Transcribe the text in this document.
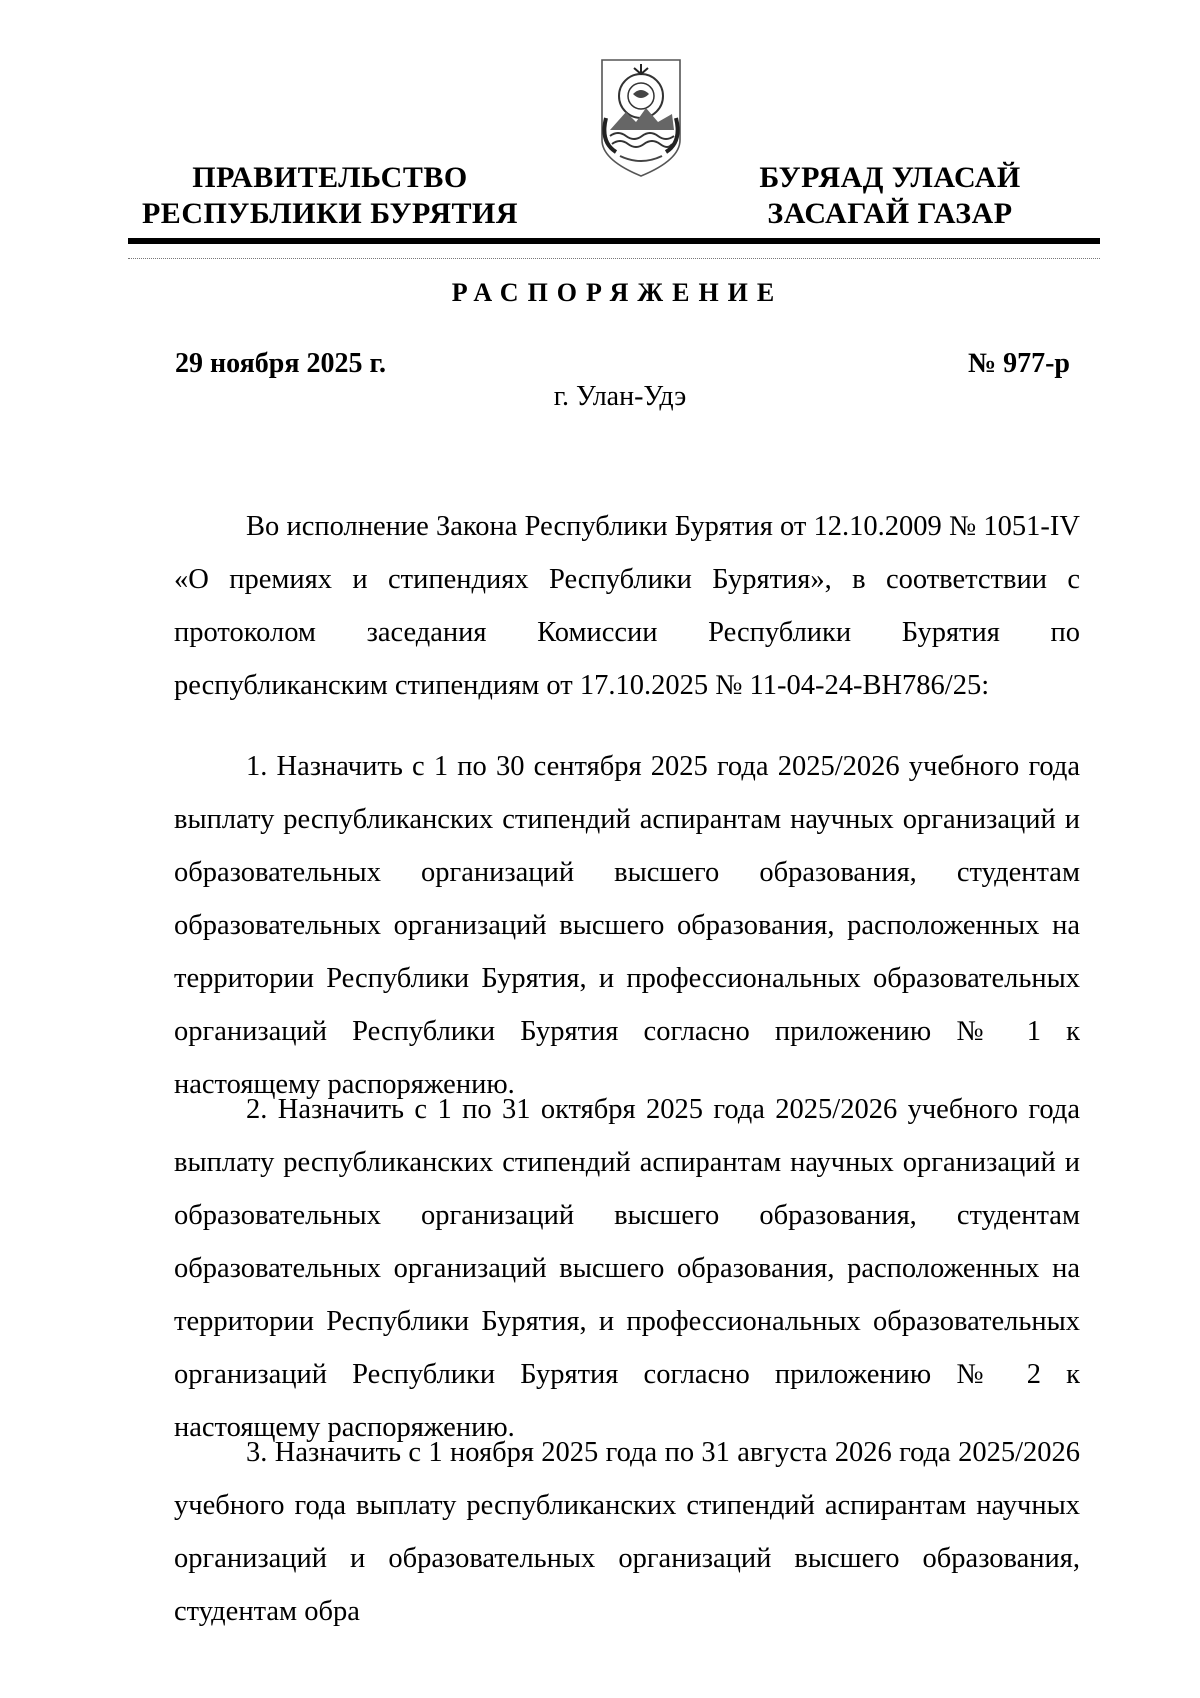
ПРАВИТЕЛЬСТВО
РЕСПУБЛИКИ БУРЯТИЯ
БУРЯАД УЛАСАЙ
ЗАСАГАЙ ГАЗАР
РАСПОРЯЖЕНИЕ
29 ноября 2025 г.	№ 977-р
г. Улан-Удэ

Во исполнение Закона Республики Бурятия от 12.10.2009 № 1051-IV «О премиях и стипендиях Республики Бурятия», в соответствии с протоколом заседания Комиссии Республики Бурятия по республиканским стипендиям от 17.10.2025 № 11-04-24-ВН786/25:

1. Назначить с 1 по 30 сентября 2025 года 2025/2026 учебного года выплату республиканских стипендий аспирантам научных организаций и образовательных организаций высшего образования, студентам образовательных организаций высшего образования, расположенных на территории Республики Бурятия, и профессиональных образовательных организаций Республики Бурятия согласно приложению № 1 к настоящему распоряжению.

2. Назначить с 1 по 31 октября 2025 года 2025/2026 учебного года выплату республиканских стипендий аспирантам научных организаций и образовательных организаций высшего образования, студентам образовательных организаций высшего образования, расположенных на территории Республики Бурятия, и профессиональных образовательных организаций Республики Бурятия согласно приложению № 2 к настоящему распоряжению.

3. Назначить с 1 ноября 2025 года по 31 августа 2026 года 2025/2026 учебного года выплату республиканских стипендий аспирантам научных организаций и образовательных организаций высшего образования, студентам обра
